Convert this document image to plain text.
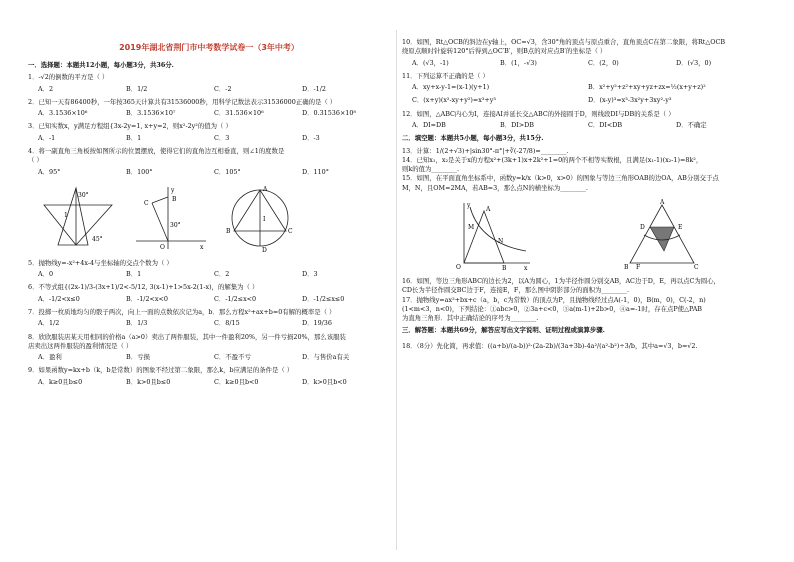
2019年湖北省荆门市中考数学试卷一（3年中考）

一．选择题：本题共12小题，每小题3分，共36分.

1．-√2的倒数的平方是（ ）

A．2	B．1/2	C．-2	D．-1/2

2．已知一天有86400秒，一年按365天计算共有31536000秒，用科学记数法表示31536000正确的是（ ）

A．3.1536×10⁶	B．3.1536×10⁷	C．31.536×10⁶	D．0.31536×10⁸

3．已知实数x，y满足方程组{3x-2y=1, x+y=2，则x²-2y²的值为（ ）

A．-1	B．1	C．3	D．-3

4．将一副直角三角板按如图所示的位置摆放，使得它们的直角边互相垂直，则∠1的度数是

（ ）

A．95°	B．100°	C．105°	D．110°
30°
1
45°
y
B
C
30°
O	x
A
B	C
I
D

5．抛物线y=-x²+4x-4与坐标轴的交点个数为（ ）

A．0	B．1	C．2	D．3

6．不等式组{(2x-1)/3-(3x+1)/2<-5/12, 3(x-1)+1>5x-2(1-x)，的解集为（ ）

A．-1/2<x≤0	B．-1/2<x<0	C．-1/2≤x<0	D．-1/2≤x≤0

7．投掷一枚质地均匀的骰子两次，向上一面的点数依次记为a，b．那么方程x²+ax+b=0有解的概率是（ ）

A．1/2	B．1/3	C．8/15	D．19/36

8．欣欣服装店某天用相同的价格a（a>0）卖出了两件服装，其中一件盈利20%，另一件亏损20%，那么该服装

店卖出这两件服装的盈利情况是（ ）

A．盈利	B．亏损	C．不盈不亏	D．与售价a有关

9．如果函数y=kx+b（k，b是常数）的图象不经过第二象限，那么k，b应满足的条件是（ ）

A．k≥0且b≤0	B．k>0且b≤0	C．k≥0且b<0	D．k>0且b<0

10．如图，Rt△OCB的斜边在y轴上，OC=√3，含30°角的顶点与原点重合，直角顶点C在第二象限，将Rt△OCB

绕原点顺时针旋转120°后得到△OC′B′，则B点的对应点B′的坐标是（ ）

A．(√3，-1)	B．(1，-√3)	C．(2，0)	D．(√3，0)

11．下列运算不正确的是（ ）

A．xy+x-y-1=(x-1)(y+1)	B．x²+y²+z²+xy+yz+zx=½(x+y+z)²
C．(x+y)(x²-xy+y²)=x³+y³	D．(x-y)³=x³-3x²y+3xy²-y³

12．如图，△ABC内心为I，连接AI并延长交△ABC的外接圆于D，则线段DI与DB的关系是（ ）

A．DI=DB	B．DI>DB	C．DI<DB	D．不确定

二．填空题：本题共5小题，每小题3分，共15分.

13．计算：1/(2+√3)+|sin30°-π°|+∛(-27/8)=________.

14．已知x₁，x₂是关于x的方程x²+(3k+1)x+2k²+1=0的两个不相等实数根，且满足(x₁-1)(x₂-1)=8k²，

则k的值为________.

15．如图，在平面直角坐标系中，函数y=k/x（k>0，x>0）的图象与等边三角形OAB的边OA，AB分别交于点

M，N，且OM=2MA，若AB=3，那么点N的横坐标为________.

y
A
M
N
O	B	x
A
D	E
B F	C

16．如图，等边三角形ABC的边长为2，以A为圆心，1为半径作圆分别交AB，AC边于D，E，再以点C为圆心，

CD长为半径作圆交BC边于F，连接E，F，那么图中阴影部分的面积为________.

17．抛物线y=ax²+bx+c（a，b，c为常数）的顶点为P，且抛物线经过点A(-1，0)，B(m，0)，C(-2，n)

(1<m<3，n<0)，下列结论：①abc>0，②3a+c<0，③a(m-1)+2b>0，④a=-1时，存在点P使△PAB

为直角三角形．其中正确结论的序号为________.

三．解答题：本题共69分，解答应写出文字说明、证明过程或演算步骤.

18．（8分）先化简，再求值：((a+b)/(a-b))²·(2a-2b)/(3a+3b)-4a²/(a²-b²)÷3/b，其中a=√3，b=√2.
